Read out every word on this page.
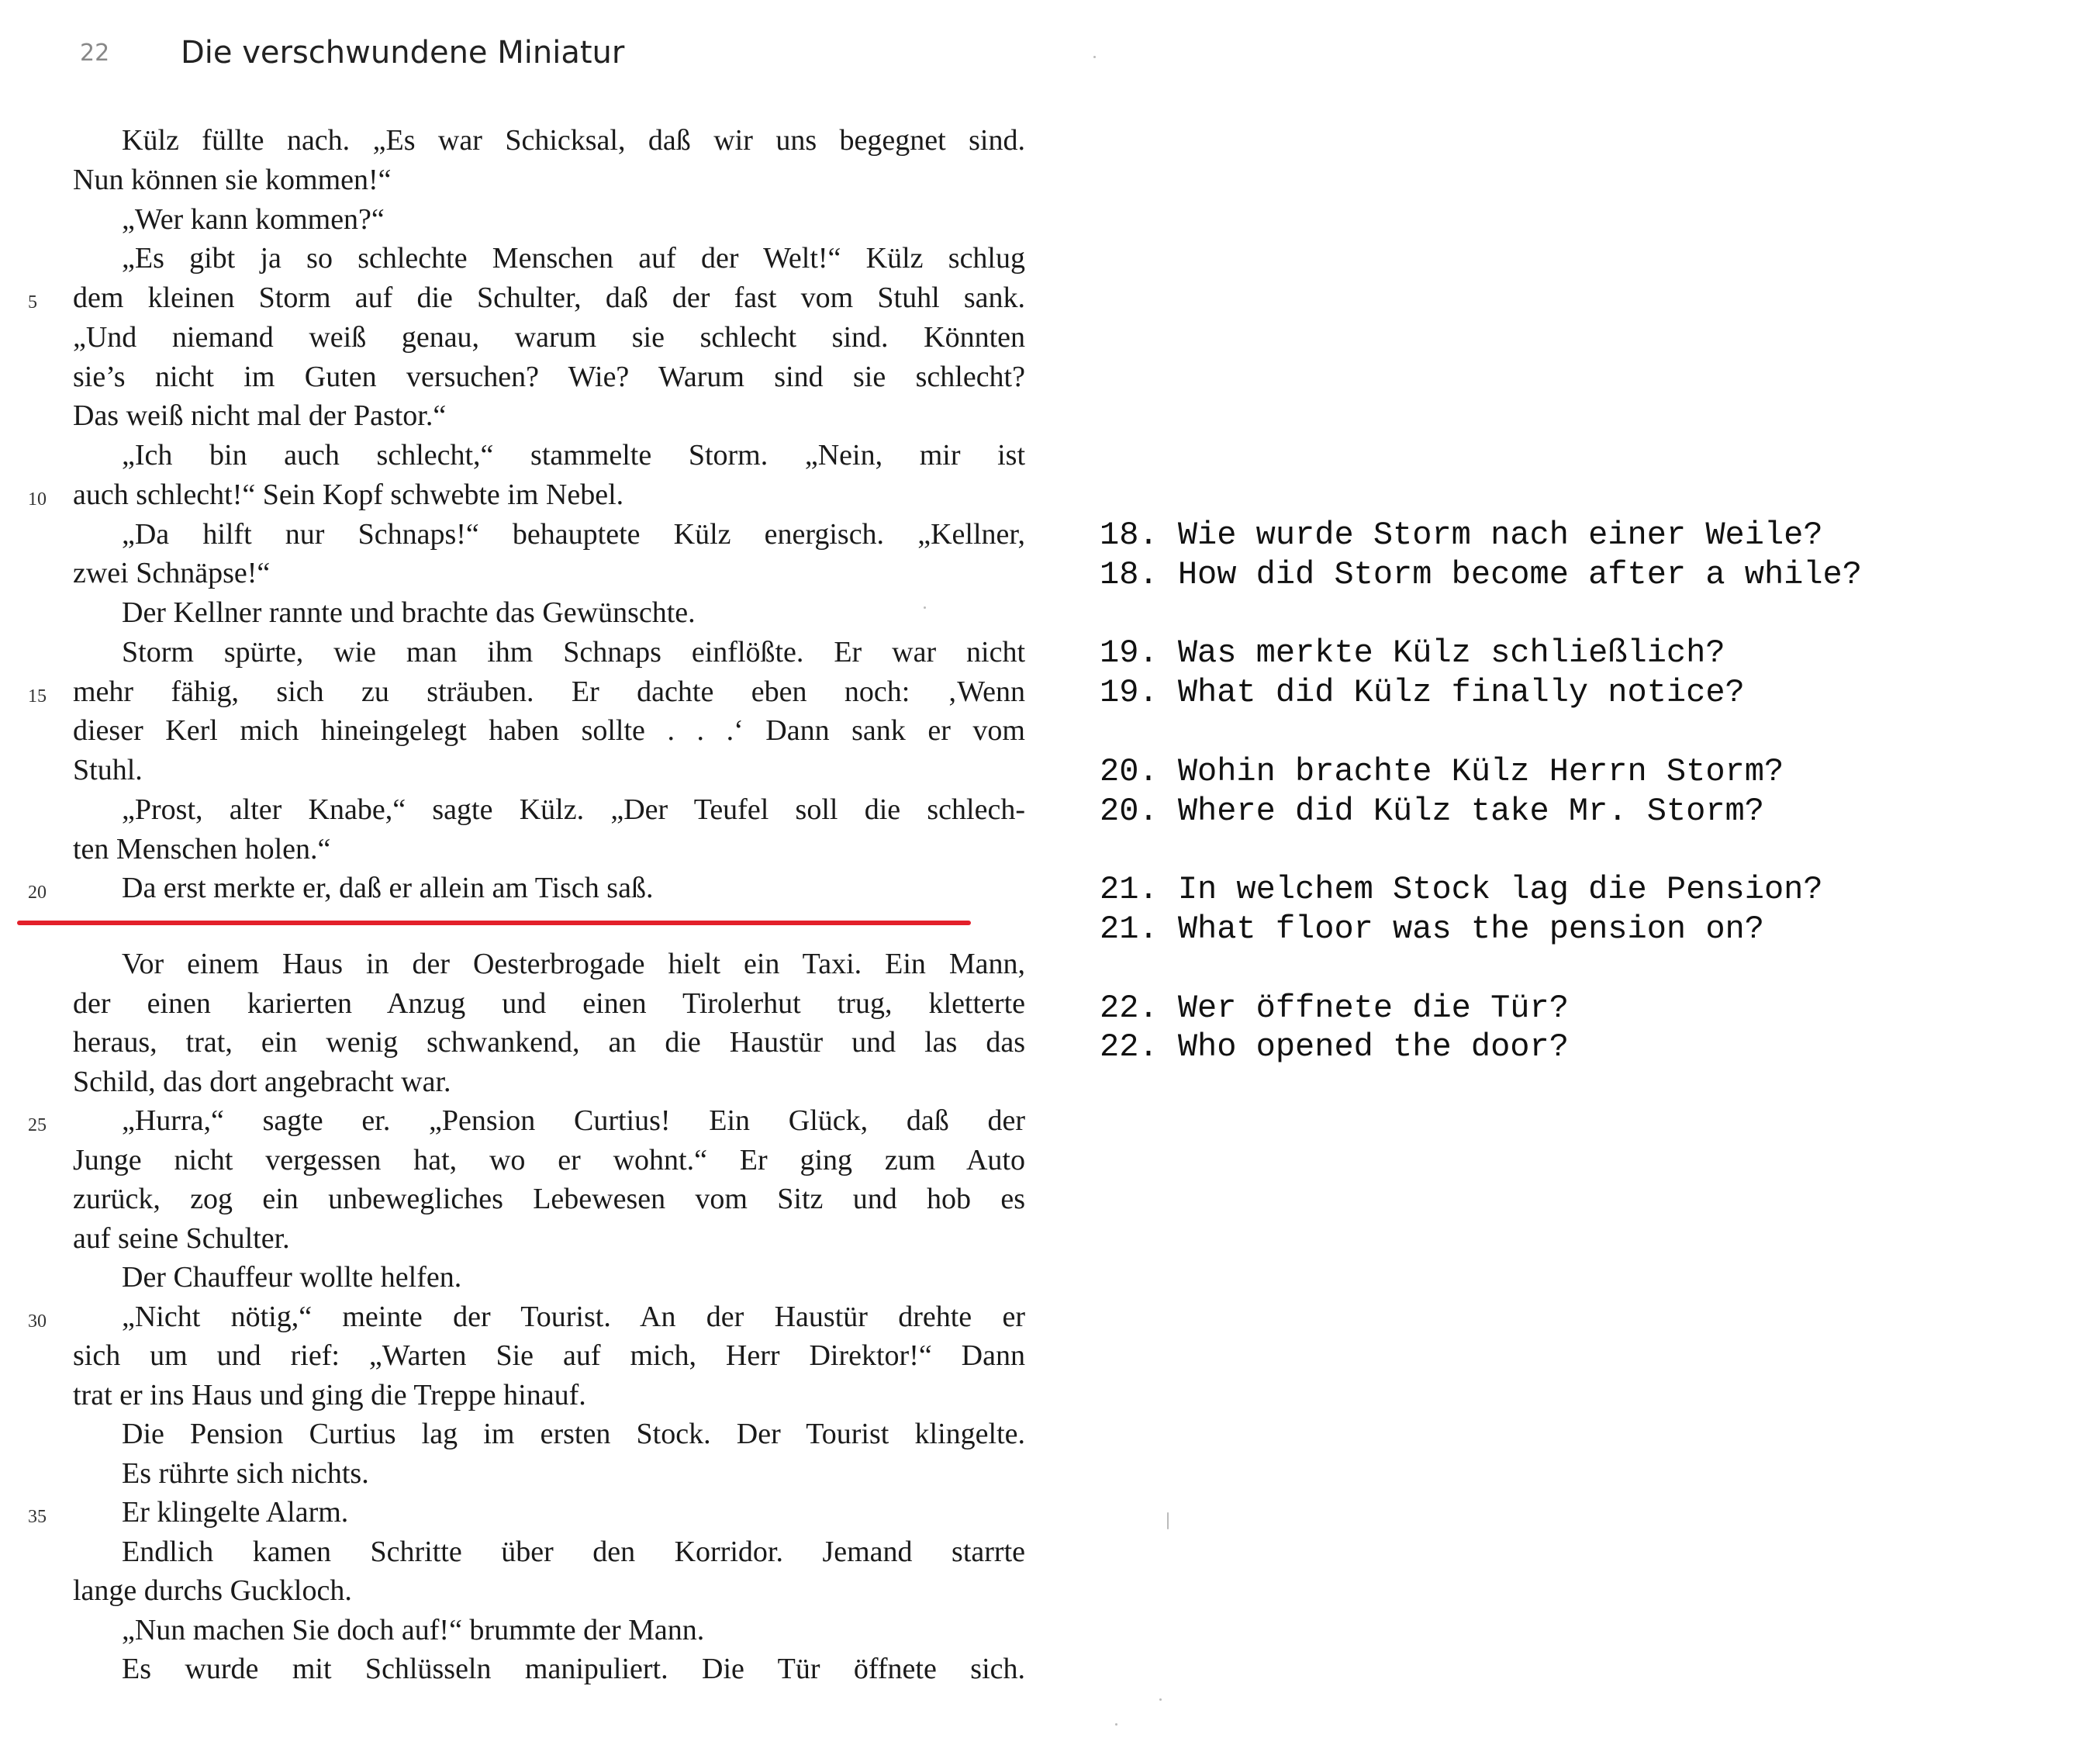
22 Die verschwundene Miniatur
Külz füllte nach. „Es war Schicksal, daß wir uns begegnet sind.
Nun können sie kommen!“
„Wer kann kommen?“
„Es gibt ja so schlechte Menschen auf der Welt!“ Külz schlug
dem kleinen Storm auf die Schulter, daß der fast vom Stuhl sank.
5
„Und niemand weiß genau, warum sie schlecht sind. Könnten
sie’s nicht im Guten versuchen? Wie? Warum sind sie schlecht?
Das weiß nicht mal der Pastor.“
„Ich bin auch schlecht,“ stammelte Storm. „Nein, mir ist
auch schlecht!“ Sein Kopf schwebte im Nebel.
10
„Da hilft nur Schnaps!“ behauptete Külz energisch. „Kellner,
zwei Schnäpse!“
Der Kellner rannte und brachte das Gewünschte.
Storm spürte, wie man ihm Schnaps einflößte. Er war nicht
mehr fähig, sich zu sträuben. Er dachte eben noch: ‚Wenn
15
dieser Kerl mich hineingelegt haben sollte . . .‘ Dann sank er vom
Stuhl.
„Prost, alter Knabe,“ sagte Külz. „Der Teufel soll die schlech-
ten Menschen holen.“
Da erst merkte er, daß er allein am Tisch saß.
20
Vor einem Haus in der Oesterbrogade hielt ein Taxi. Ein Mann,
der einen karierten Anzug und einen Tirolerhut trug, kletterte
heraus, trat, ein wenig schwankend, an die Haustür und las das
Schild, das dort angebracht war.
„Hurra,“ sagte er. „Pension Curtius! Ein Glück, daß der
25
Junge nicht vergessen hat, wo er wohnt.“ Er ging zum Auto
zurück, zog ein unbewegliches Lebewesen vom Sitz und hob es
auf seine Schulter.
Der Chauffeur wollte helfen.
„Nicht nötig,“ meinte der Tourist. An der Haustür drehte er
30
sich um und rief: „Warten Sie auf mich, Herr Direktor!“ Dann
trat er ins Haus und ging die Treppe hinauf.
Die Pension Curtius lag im ersten Stock. Der Tourist klingelte.
Es rührte sich nichts.
Er klingelte Alarm.
35
Endlich kamen Schritte über den Korridor. Jemand starrte
lange durchs Guckloch.
„Nun machen Sie doch auf!“ brummte der Mann.
Es wurde mit Schlüsseln manipuliert. Die Tür öffnete sich.
18. Wie wurde Storm nach einer Weile?
18. How did Storm become after a while?
19. Was merkte Külz schließlich?
19. What did Külz finally notice?
20. Wohin brachte Külz Herrn Storm?
20. Where did Külz take Mr. Storm?
21. In welchem Stock lag die Pension?
21. What floor was the pension on?
22. Wer öffnete die Tür?
22. Who opened the door?
